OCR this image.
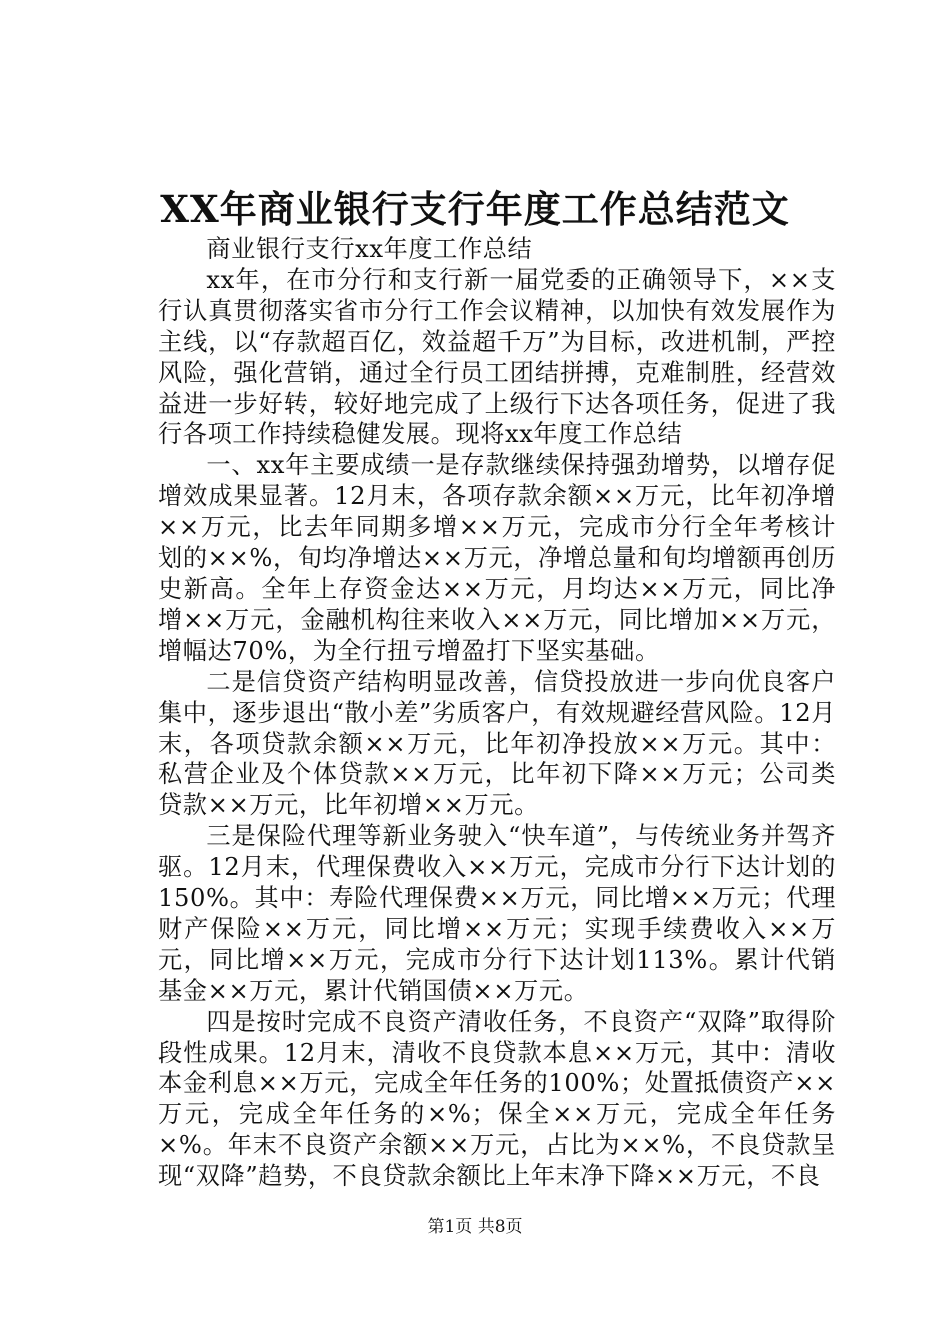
XX年商业银行支行年度工作总结范文

商业银行支行xx年度工作总结

xx年，在市分行和支行新一届党委的正确领导下，××支行认真贯彻落实省市分行工作会议精神，以加快有效发展作为主线，以“存款超百亿，效益超千万”为目标，改进机制，严控风险，强化营销，通过全行员工团结拼搏，克难制胜，经营效益进一步好转，较好地完成了上级行下达各项任务，促进了我行各项工作持续稳健发展。现将xx年度工作总结

一、xx年主要成绩一是存款继续保持强劲增势，以增存促增效成果显著。12月末，各项存款余额××万元，比年初净增××万元，比去年同期多增××万元，完成市分行全年考核计划的××%，旬均净增达××万元，净增总量和旬均增额再创历史新高。全年上存资金达××万元，月均达××万元，同比净增××万元，金融机构往来收入××万元，同比增加××万元，增幅达70%，为全行扭亏增盈打下坚实基础。

二是信贷资产结构明显改善，信贷投放进一步向优良客户集中，逐步退出“散小差”劣质客户，有效规避经营风险。12月末，各项贷款余额××万元，比年初净投放××万元。其中：私营企业及个体贷款××万元，比年初下降××万元；公司类贷款××万元，比年初增××万元。

三是保险代理等新业务驶入“快车道”，与传统业务并驾齐驱。12月末，代理保费收入××万元，完成市分行下达计划的150%。其中：寿险代理保费××万元，同比增××万元；代理财产保险××万元，同比增××万元；实现手续费收入××万元，同比增××万元，完成市分行下达计划113%。累计代销基金××万元，累计代销国债××万元。

四是按时完成不良资产清收任务，不良资产“双降”取得阶段性成果。12月末，清收不良贷款本息××万元，其中：清收本金利息××万元，完成全年任务的100%；处置抵债资产××万元，完成全年任务的×%；保全××万元，完成全年任务×%。年末不良资产余额××万元，占比为××%，不良贷款呈现“双降”趋势，不良贷款余额比上年末净下降××万元，不良

第1页 共8页
